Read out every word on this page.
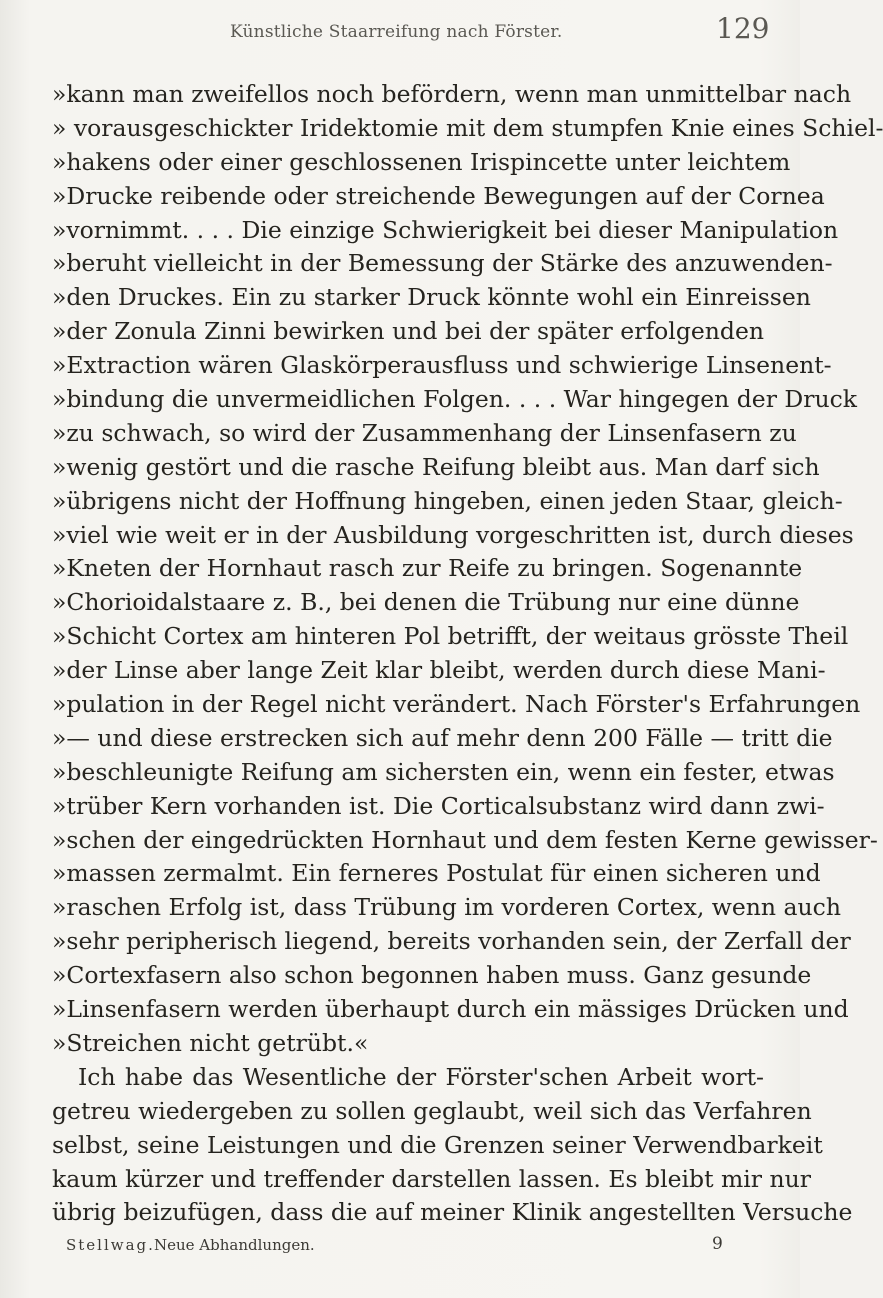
Künstliche Staarreifung nach Förster.	129
»kann man zweifellos noch befördern, wenn man unmittelbar nach
» vorausgeschickter Iridektomie mit dem stumpfen Knie eines Schiel-
»hakens oder einer geschlossenen Irispincette unter leichtem
»Drucke reibende oder streichende Bewegungen auf der Cornea
»vornimmt. . . . Die einzige Schwierigkeit bei dieser Manipulation
»beruht vielleicht in der Bemessung der Stärke des anzuwenden-
»den Druckes. Ein zu starker Druck könnte wohl ein Einreissen
»der Zonula Zinni bewirken und bei der später erfolgenden
»Extraction wären Glaskörperausfluss und schwierige Linsenent-
»bindung die unvermeidlichen Folgen. . . . War hingegen der Druck
»zu schwach, so wird der Zusammenhang der Linsenfasern zu
»wenig gestört und die rasche Reifung bleibt aus. Man darf sich
»übrigens nicht der Hoffnung hingeben, einen jeden Staar, gleich-
»viel wie weit er in der Ausbildung vorgeschritten ist, durch dieses
»Kneten der Hornhaut rasch zur Reife zu bringen. Sogenannte
»Chorioidalstaare z. B., bei denen die Trübung nur eine dünne
»Schicht Cortex am hinteren Pol betrifft, der weitaus grösste Theil
»der Linse aber lange Zeit klar bleibt, werden durch diese Mani-
»pulation in der Regel nicht verändert. Nach Förster's Erfahrungen
»— und diese erstrecken sich auf mehr denn 200 Fälle — tritt die
»beschleunigte Reifung am sichersten ein, wenn ein fester, etwas
»trüber Kern vorhanden ist. Die Corticalsubstanz wird dann zwi-
»schen der eingedrückten Hornhaut und dem festen Kerne gewisser-
»massen zermalmt. Ein ferneres Postulat für einen sicheren und
»raschen Erfolg ist, dass Trübung im vorderen Cortex, wenn auch
»sehr peripherisch liegend, bereits vorhanden sein, der Zerfall der
»Cortexfasern also schon begonnen haben muss. Ganz gesunde
»Linsenfasern werden überhaupt durch ein mässiges Drücken und
»Streichen nicht getrübt.«
Ich habe das Wesentliche der Förster'schen Arbeit wort-
getreu wiedergeben zu sollen geglaubt, weil sich das Verfahren
selbst, seine Leistungen und die Grenzen seiner Verwendbarkeit
kaum kürzer und treffender darstellen lassen. Es bleibt mir nur
übrig beizufügen, dass die auf meiner Klinik angestellten Versuche
Stellwag. Neue Abhandlungen.	9
